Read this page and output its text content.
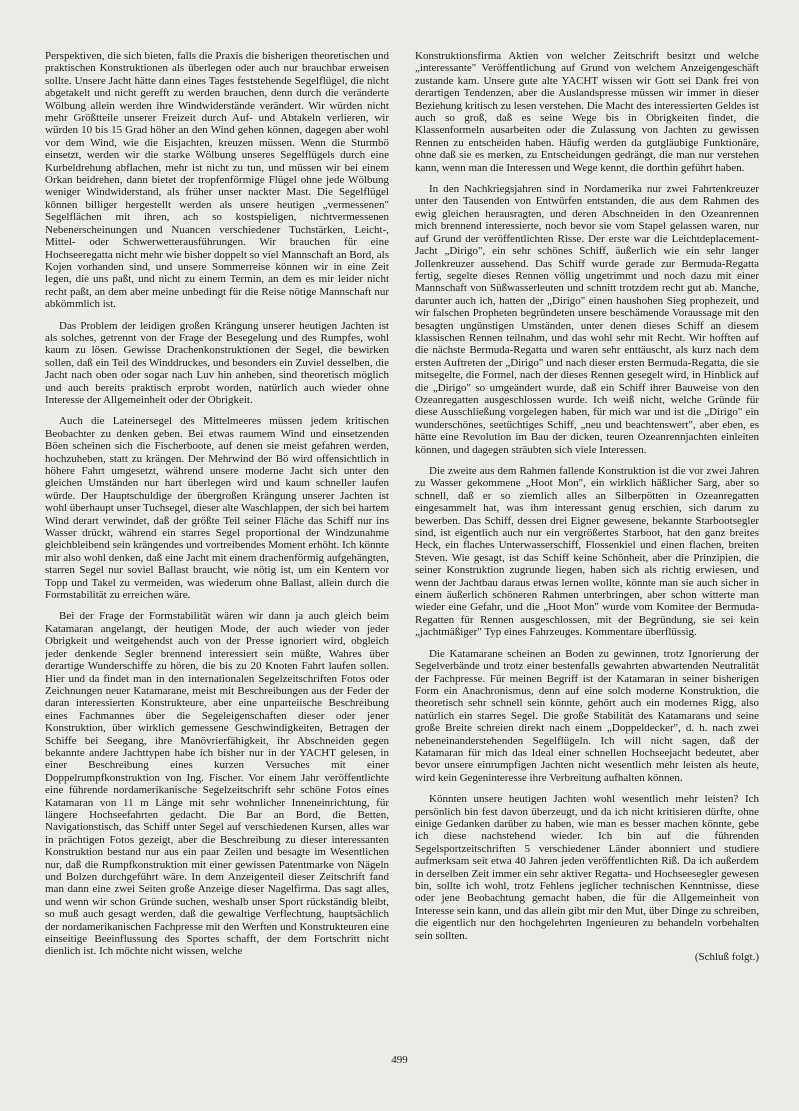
Perspektiven, die sich bieten, falls die Praxis die bisherigen theoretischen und praktischen Konstruktionen als überlegen oder auch nur brauchbar erweisen sollte. Unsere Jacht hätte dann eines Tages feststehende Segelflügel, die nicht abgetakelt und nicht gerefft zu werden brauchen, denn durch die veränderte Wölbung allein werden ihre Windwiderstände verändert. Wir würden nicht mehr Größtteile unserer Freizeit durch Auf- und Abtakeln verlieren, wir würden 10 bis 15 Grad höher an den Wind gehen können, dagegen aber wohl vor dem Wind, wie die Eisjachten, kreuzen müssen. Wenn die Sturmbö einsetzt, werden wir die starke Wölbung unseres Segelflügels durch eine Kurbeldrehung abflachen, mehr ist nicht zu tun, und müssen wir bei einem Orkan beidrehen, dann bietet der tropfenförmige Flügel ohne jede Wölbung weniger Windwiderstand, als früher unser nackter Mast. Die Segelflügel können billiger hergestellt werden als unsere heutigen „vermessenen" Segelflächen mit ihren, ach so kostspieligen, nichtvermessenen Nebenerscheinungen und Nuancen verschiedener Tuchstärken, Leicht-, Mittel- oder Schwerwetterausführungen. Wir brauchen für eine Hochseeregatta nicht mehr wie bisher doppelt so viel Mannschaft an Bord, als Kojen vorhanden sind, und unsere Sommerreise können wir in eine Zeit legen, die uns paßt, und nicht zu einem Termin, an dem es mir leider nicht recht paßt, an dem aber meine unbedingt für die Reise nötige Mannschaft nur abkömmlich ist.

Das Problem der leidigen großen Krängung unserer heutigen Jachten ist als solches, getrennt von der Frage der Besegelung und des Rumpfes, wohl kaum zu lösen. Gewisse Drachenkonstruktionen der Segel, die bewirken sollen, daß ein Teil des Winddruckes, und besonders ein Zuviel desselben, die Jacht nach oben oder sogar nach Luv hin anheben, sind theoretisch möglich und auch bereits praktisch erprobt worden, natürlich auch wieder ohne Interesse der Allgemeinheit oder der Obrigkeit.

Auch die Lateinersegel des Mittelmeeres müssen jedem kritischen Beobachter zu denken geben. Bei etwas raumem Wind und einsetzenden Böen scheinen sich die Fischerboote, auf denen sie meist gefahren werden, hochzuheben, statt zu krängen. Der Mehrwind der Bö wird offensichtlich in höhere Fahrt umgesetzt, während unsere moderne Jacht sich unter den gleichen Umständen nur hart überlegen wird und kaum schneller laufen würde. Der Hauptschuldige der übergroßen Krängung unserer Jachten ist wohl überhaupt unser Tuchsegel, dieser alte Waschlappen, der sich bei hartem Wind derart verwindet, daß der größte Teil seiner Fläche das Schiff nur ins Wasser drückt, während ein starres Segel proportional der Windzunahme gleichbleibend sein krängendes und vortreibendes Moment erhöht. Ich könnte mir also wohl denken, daß eine Jacht mit einem drachenförmig aufgehängten, starren Segel nur soviel Ballast braucht, wie nötig ist, um ein Kentern vor Topp und Takel zu vermeiden, was wiederum ohne Ballast, allein durch die Formstabilität zu erreichen wäre.

Bei der Frage der Formstabilität wären wir dann ja auch gleich beim Katamaran angelangt, der heutigen Mode, der auch wieder von jeder Obrigkeit und weitgehendst auch von der Presse ignoriert wird, obgleich jeder denkende Segler brennend interessiert sein müßte, Wahres über derartige Wunderschiffe zu hören, die bis zu 20 Knoten Fahrt laufen sollen. Hier und da findet man in den internationalen Segelzeitschriften Fotos oder Zeichnungen neuer Katamarane, meist mit Beschreibungen aus der Feder der daran interessierten Konstrukteure, aber eine unparteiische Beschreibung eines Fachmannes über die Segeleigenschaften dieser oder jener Konstruktion, über wirklich gemessene Geschwindigkeiten, Betragen der Schiffe bei Seegang, ihre Manövrierfähigkeit, ihr Abschneiden gegen bekannte andere Jachttypen habe ich bisher nur in der YACHT gelesen, in einer Beschreibung eines kurzen Versuches mit einer Doppelrumpfkonstruktion von Ing. Fischer. Vor einem Jahr veröffentlichte eine führende nordamerikanische Segelzeitschrift sehr schöne Fotos eines Katamaran von 11 m Länge mit sehr wohnlicher Inneneinrichtung, für längere Hochseefahrten gedacht. Die Bar an Bord, die Betten, Navigationstisch, das Schiff unter Segel auf verschiedenen Kursen, alles war in prächtigen Fotos gezeigt, aber die Beschreibung zu dieser interessanten Konstruktion bestand nur aus ein paar Zeilen und besagte im Wesentlichen nur, daß die Rumpfkonstruktion mit einer gewissen Patentmarke von Nägeln und Bolzen durchgeführt wäre. In dem Anzeigenteil dieser Zeitschrift fand man dann eine zwei Seiten große Anzeige dieser Nagelfirma. Das sagt alles, und wenn wir schon Gründe suchen, weshalb unser Sport rückständig bleibt, so muß auch gesagt werden, daß die gewaltige Verflechtung, hauptsächlich der nordamerikanischen Fachpresse mit den Werften und Konstrukteuren eine einseitige Beeinflussung des Sportes schafft, der dem Fortschritt nicht dienlich ist. Ich möchte nicht wissen, welche

Konstruktionsfirma Aktien von welcher Zeitschrift besitzt und welche „interessante" Veröffentlichung auf Grund von welchem Anzeigengeschäft zustande kam. Unsere gute alte YACHT wissen wir Gott sei Dank frei von derartigen Tendenzen, aber die Auslandspresse müssen wir immer in dieser Beziehung kritisch zu lesen verstehen. Die Macht des interessierten Geldes ist auch so groß, daß es seine Wege bis in Obrigkeiten findet, die Klassenformeln ausarbeiten oder die Zulassung von Jachten zu gewissen Rennen zu entscheiden haben. Häufig werden da gutgläubige Funktionäre, ohne daß sie es merken, zu Entscheidungen gedrängt, die man nur verstehen kann, wenn man die Interessen und Wege kennt, die dorthin geführt haben.

In den Nachkriegsjahren sind in Nordamerika nur zwei Fahrtenkreuzer unter den Tausenden von Entwürfen entstanden, die aus dem Rahmen des ewig gleichen herausragten, und deren Abschneiden in den Ozeanrennen mich brennend interessierte, noch bevor sie vom Stapel gelassen waren, nur auf Grund der veröffentlichten Risse. Der erste war die Leichtdeplacement-Jacht „Dirigo", ein sehr schönes Schiff, äußerlich wie ein sehr langer Jollenkreuzer aussehend. Das Schiff wurde gerade zur Bermuda-Regatta fertig, segelte dieses Rennen völlig ungetrimmt und noch dazu mit einer Mannschaft von Süßwasserleuten und schnitt trotzdem recht gut ab. Manche, darunter auch ich, hatten der „Dirigo" einen haushohen Sieg prophezeit, und wir falschen Propheten begründeten unsere beschämende Voraussage mit den besagten ungünstigen Umständen, unter denen dieses Schiff an diesem klassischen Rennen teilnahm, und das wohl sehr mit Recht. Wir hofften auf die nächste Bermuda-Regatta und waren sehr enttäuscht, als kurz nach dem ersten Auftreten der „Dirigo" und nach dieser ersten Bermuda-Regatta, die sie mitsegelte, die Formel, nach der dieses Rennen gesegelt wird, in Hinblick auf die „Dirigo" so umgeändert wurde, daß ein Schiff ihrer Bauweise von den Ozeanregatten ausgeschlossen wurde. Ich weiß nicht, welche Gründe für diese Ausschließung vorgelegen haben, für mich war und ist die „Dirigo" ein wunderschönes, seetüchtiges Schiff, „neu und beachtenswert", aber eben, es hätte eine Revolution im Bau der dicken, teuren Ozeanrennjachten einleiten können, und dagegen sträubten sich viele Interessen.

Die zweite aus dem Rahmen fallende Konstruktion ist die vor zwei Jahren zu Wasser gekommene „Hoot Mon", ein wirklich häßlicher Sarg, aber so schnell, daß er so ziemlich alles an Silberpötten in Ozeanregatten eingesammelt hat, was ihm interessant genug erschien, sich darum zu bewerben. Das Schiff, dessen drei Eigner gewesene, bekannte Starbootsegler sind, ist eigentlich auch nur ein vergrößertes Starboot, hat den ganz breites Heck, ein flaches Unterwasserschiff, Flossenkiel und einen flachen, breiten Steven. Wie gesagt, ist das Schiff keine Schönheit, aber die Prinzipien, die seiner Konstruktion zugrunde liegen, haben sich als richtig erwiesen, und wenn der Jachtbau daraus etwas lernen wollte, könnte man sie auch sicher in einem äußerlich schöneren Rahmen unterbringen, aber schon witterte man wieder eine Gefahr, und die „Hoot Mon" wurde vom Komitee der Bermuda-Regatten für Rennen ausgeschlossen, mit der Begründung, sie sei kein „jachtmäßiger" Typ eines Fahrzeuges. Kommentare überflüssig.

Die Katamarane scheinen an Boden zu gewinnen, trotz Ignorierung der Segelverbände und trotz einer bestenfalls gewahrten abwartenden Neutralität der Fachpresse. Für meinen Begriff ist der Katamaran in seiner bisherigen Form ein Anachronismus, denn auf eine solch moderne Konstruktion, die theoretisch sehr schnell sein könnte, gehört auch ein modernes Rigg, also natürlich ein starres Segel. Die große Stabilität des Katamarans und seine große Breite schreien direkt nach einem „Doppeldecker", d. h. nach zwei nebeneinanderstehenden Segelflügeln. Ich will nicht sagen, daß der Katamaran für mich das Ideal einer schnellen Hochseejacht bedeutet, aber bevor unsere einrumpfigen Jachten nicht wesentlich mehr leisten als heute, wird kein Gegeninteresse ihre Verbreitung aufhalten können.

Könnten unsere heutigen Jachten wohl wesentlich mehr leisten? Ich persönlich bin fest davon überzeugt, und da ich nicht kritisieren dürfte, ohne einige Gedanken darüber zu haben, wie man es besser machen könnte, gebe ich diese nachstehend wieder. Ich bin auf die führenden Segelsportzeitschriften 5 verschiedener Länder abonniert und studiere aufmerksam seit etwa 40 Jahren jeden veröffentlichten Riß. Da ich außerdem in derselben Zeit immer ein sehr aktiver Regatta- und Hochseesegler gewesen bin, sollte ich wohl, trotz Fehlens jeglicher technischen Kenntnisse, diese oder jene Beobachtung gemacht haben, die für die Allgemeinheit von Interesse sein kann, und das allein gibt mir den Mut, über Dinge zu schreiben, die eigentlich nur den hochgelehrten Ingenieuren zu behandeln vorbehalten sein sollten.

(Schluß folgt.)
499
